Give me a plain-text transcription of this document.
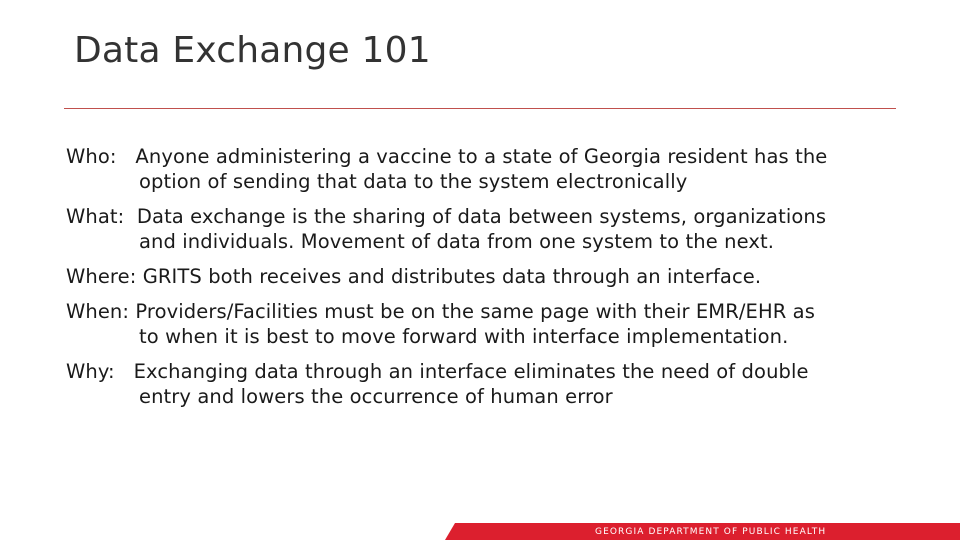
Data Exchange 101
Who:   Anyone administering a vaccine to a state of Georgia resident has the
option of sending that data to the system electronically
What:  Data exchange is the sharing of data between systems, organizations
and individuals. Movement of data from one system to the next.
Where: GRITS both receives and distributes data through an interface.
When: Providers/Facilities must be on the same page with their EMR/EHR as
to when it is best to move forward with interface implementation.
Why:   Exchanging data through an interface eliminates the need of double
entry and lowers the occurrence of human error
GEORGIA DEPARTMENT OF PUBLIC HEALTH
